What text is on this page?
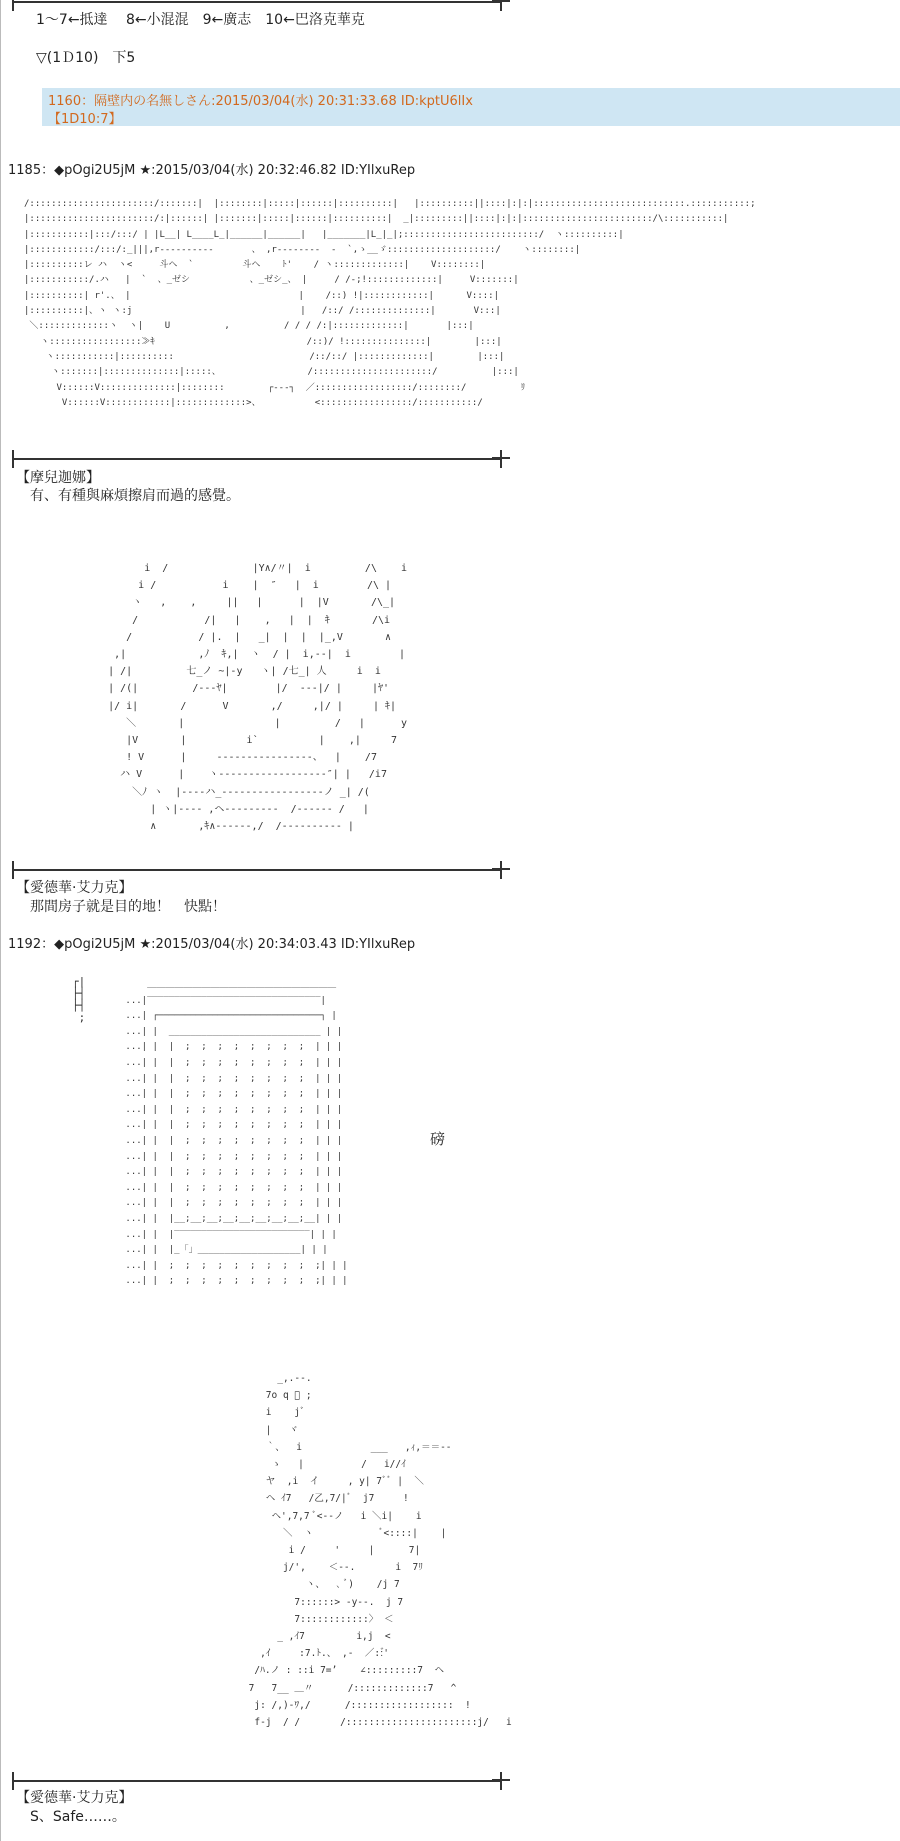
1～7←抵達　 8←小混混　9←廣志　10←巴洛克華克
▽(1Ｄ10)　下5
1160：隔壁内の名無しさん:2015/03/04(水) 20:31:33.68 ID:kptU6lIx
【1D10:7】
1185：◆pOgi2U5jM ★:2015/03/04(水) 20:32:46.82 ID:YIlxuRep
/:::::::::::::::::::::::/:::::::|  |::::::::|:::::|::::::|::::::::::|   |::::::::::||::::|:|:|::::::::::::::::::::::::::::.:::::::::::;
|:::::::::::::::::::::::/:|::::::| |:::::::|:::::|::::::|::::::::::|  _|:::::::::||::::|:|:|::::::::::::::::::::::::/\:::::::::::|
|:::::::::::|:::/:::/ | |L__| L____L_|______|______|   |_______|L_|_|;:::::::::::::::::::::::::/  ヽ::::::::::|
|::::::::::::/:::/:_|||,r‐‐‐‐‐‐‐‐‐‐       、 ,r‐‐‐‐‐‐‐‐  -  `,ゝ__ゞ::::::::::::::::::::/    ヽ::::::::|
|::::::::::レ ハ  ヽ<     斗ヘ  `         斗ヘ    ﾄ'    / ヽ:::::::::::::|    V::::::::|
|:::::::::::/.ハ   |  `  、_ゼシ           、_ゼシ_、 |     / /‐;!:::::::::::::|     V:::::::|
|::::::::::| r'.、 |                               |    /::) !|::::::::::::|      V::::|
|::::::::::|、ヽ ヽ:j                               |   /::/ /::::::::::::::|       V:::|
＼:::::::::::::ヽ  ヽ|    U          ,          / / / /:|:::::::::::::|       |:::|
ヽ:::::::::::::::::≫ｷ                            /::)/ !:::::::::::::::|        |:::|
ヽ:::::::::::|::::::::::                         /::/::/ |:::::::::::::|        |:::|
ヽ:::::::|::::::::::::::|:::::、                /::::::::::::::::::::::/          |:::|
V::::::V::::::::::::::|::::::::        ┌‐‐‐┐  ／::::::::::::::::::/::::::::/          ﾘ
V::::::V::::::::::::|:::::::::::::>、          <:::::::::::::::::/:::::::::::/
【摩兒迦娜】
　有、有種與麻煩擦肩而過的感覺。
i  /              |Y∧/〃|  i         /\    i
i /           i    |  ″   |  i        /\ |
ヽ   ,    ,     ||   |      |  |V       /\_|
/           /|   |    ,   |  |  ｷ       /\i
/           / |.  |   _|  |  |  |_,V       ∧
,|            ,ﾉ  ｷ,|  ヽ  / |  i,‐‐|  i        |
| /|         七_ノ ~|‐y   ヽ| /七_| 人     i  i
| /(|         /‐‐‐ﾔ|        |/  ‐‐‐|/ |     |ﾔ'
|/ i|       /      V       ,/     ,|/ |     | ｷ|
＼       |               |         /   |      y
|V       |          i`          |    ,|     7
! V      |     ‐‐‐‐‐‐‐‐‐‐‐‐‐‐‐‐、  |    /7
ハ V      |    ヽ‐‐‐‐‐‐‐‐‐‐‐‐‐‐‐‐‐‐″| |   /i7
＼ﾉ ヽ  |‐‐‐‐ハ_‐‐‐‐‐‐‐‐‐‐‐‐‐‐‐‐‐ノ _| /(
| ヽ|‐‐‐‐ ,ヘ‐‐‐‐‐‐‐‐‐  /‐‐‐‐‐‐ /   |
∧       ,ｷ∧‐‐‐‐‐‐,/  /‐‐‐‐‐‐‐‐‐‐ |
【愛德華·艾力克】
　那間房子就是目的地！　快點！
1192：◆pOgi2U5jM ★:2015/03/04(水) 20:34:03.43 ID:YIlxuRep
┌|
├┤
├┤
;
＿＿＿＿＿＿＿＿＿＿＿＿＿＿＿＿＿＿＿＿＿
...|‾‾‾‾‾‾‾‾‾‾‾‾‾‾‾‾‾‾‾‾‾‾‾‾‾‾‾‾‾‾‾‾|
...| ┌──────────────────────────────┐ |
...| |  ____________________________ | |
...| |  |  ;  ;  ;  ;  ;  ;  ;  ;  | | |
...| |  |  ;  ;  ;  ;  ;  ;  ;  ;  | | |
...| |  |  ;  ;  ;  ;  ;  ;  ;  ;  | | |
...| |  |  ;  ;  ;  ;  ;  ;  ;  ;  | | |
...| |  |  ;  ;  ;  ;  ;  ;  ;  ;  | | |
...| |  |  ;  ;  ;  ;  ;  ;  ;  ;  | | |
...| |  |  ;  ;  ;  ;  ;  ;  ;  ;  | | |
...| |  |  ;  ;  ;  ;  ;  ;  ;  ;  | | |
...| |  |  ;  ;  ;  ;  ;  ;  ;  ;  | | |
...| |  |  ;  ;  ;  ;  ;  ;  ;  ;  | | |
...| |  |  ;  ;  ;  ;  ;  ;  ;  ;  | | |
...| |  |__;__;__;__;__;__;__;__;__| | |
...| |  |‾‾‾‾‾‾‾‾‾‾‾‾‾‾‾‾‾‾‾‾‾‾‾‾‾| | |
...| |  |_「」___________________| | |
...| |  ;  ;  ;  ;  ;  ;  ;  ;  ;  ;| | |
...| |  ;  ;  ;  ;  ;  ;  ;  ;  ;  ;| | |
磅
_,.‐‐.
7o q ゙ ;
i    jﾞ
|   ヾ
｀、  i            ___   ,ｨ,＝＝‐‐
ゝ   |          /   i//ｲ
ヤ  ,i  イ     , y| 7ﾞﾞ |  ＼
ヘ ｲ7   /乙,7/|ﾞ  j7     !
ヘ',7,7 ﾞ<‐‐ノ   i ＼i|    i
＼  ヽ            ﾞ<::::|    |
i /     '     |      7|
j/',    ＜‐‐.       i  7ﾘ
ヽ、  ､ ﾞ)    /j 7
7::::::> ‐y‐‐.  j 7
7::::::::::::〉 ＜
_ ,ｲ7         i,j  <
,ｲ     :7.ﾄ.、 ,‐  ／::゙'
/ﾊ.ノ : ::i 7=’    ∠:::::::::7  ヘ
7   7__ ＿〃      /:::::::::::::7   ^
j: /,)‐ﾜ,/      /::::::::::::::::::  !
f‐j  / /       /:::::::::::::::::::::::j/   i
【愛德華·艾力克】
　S、Safe……。
